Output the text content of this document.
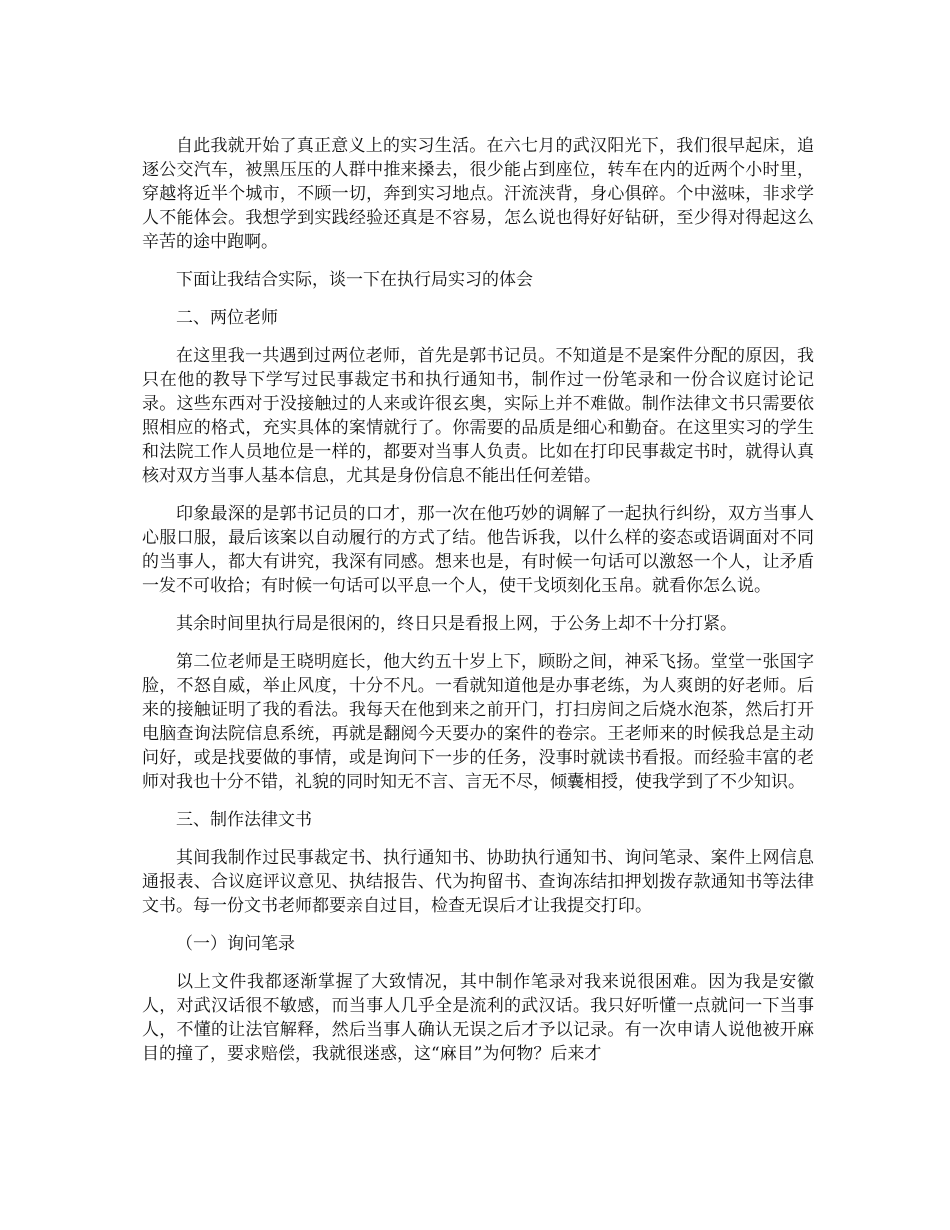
自此我就开始了真正意义上的实习生活。在六七月的武汉阳光下，我们很早起床，追逐公交汽车，被黑压压的人群中推来搡去，很少能占到座位，转车在内的近两个小时里，穿越将近半个城市，不顾一切，奔到实习地点。汗流浃背，身心俱碎。个中滋味，非求学人不能体会。我想学到实践经验还真是不容易，怎么说也得好好钻研，至少得对得起这么辛苦的途中跑啊。

下面让我结合实际，谈一下在执行局实习的体会

二、两位老师

在这里我一共遇到过两位老师，首先是郭书记员。不知道是不是案件分配的原因，我只在他的教导下学写过民事裁定书和执行通知书，制作过一份笔录和一份合议庭讨论记录。这些东西对于没接触过的人来或许很玄奥，实际上并不难做。制作法律文书只需要依照相应的格式，充实具体的案情就行了。你需要的品质是细心和勤奋。在这里实习的学生和法院工作人员地位是一样的，都要对当事人负责。比如在打印民事裁定书时，就得认真核对双方当事人基本信息，尤其是身份信息不能出任何差错。

印象最深的是郭书记员的口才，那一次在他巧妙的调解了一起执行纠纷，双方当事人心服口服，最后该案以自动履行的方式了结。他告诉我，以什么样的姿态或语调面对不同的当事人，都大有讲究，我深有同感。想来也是，有时候一句话可以激怒一个人，让矛盾一发不可收拾；有时候一句话可以平息一个人，使干戈顷刻化玉帛。就看你怎么说。

其余时间里执行局是很闲的，终日只是看报上网，于公务上却不十分打紧。

第二位老师是王晓明庭长，他大约五十岁上下，顾盼之间，神采飞扬。堂堂一张国字脸，不怒自威，举止风度，十分不凡。一看就知道他是办事老练，为人爽朗的好老师。后来的接触证明了我的看法。我每天在他到来之前开门，打扫房间之后烧水泡茶，然后打开电脑查询法院信息系统，再就是翻阅今天要办的案件的卷宗。王老师来的时候我总是主动问好，或是找要做的事情，或是询问下一步的任务，没事时就读书看报。而经验丰富的老师对我也十分不错，礼貌的同时知无不言、言无不尽，倾囊相授，使我学到了不少知识。

三、制作法律文书

其间我制作过民事裁定书、执行通知书、协助执行通知书、询问笔录、案件上网信息通报表、合议庭评议意见、执结报告、代为拘留书、查询冻结扣押划拨存款通知书等法律文书。每一份文书老师都要亲自过目，检查无误后才让我提交打印。

（一）询问笔录

以上文件我都逐渐掌握了大致情况，其中制作笔录对我来说很困难。因为我是安徽人，对武汉话很不敏感，而当事人几乎全是流利的武汉话。我只好听懂一点就问一下当事人，不懂的让法官解释，然后当事人确认无误之后才予以记录。有一次申请人说他被开麻目的撞了，要求赔偿，我就很迷惑，这“麻目”为何物？后来才
